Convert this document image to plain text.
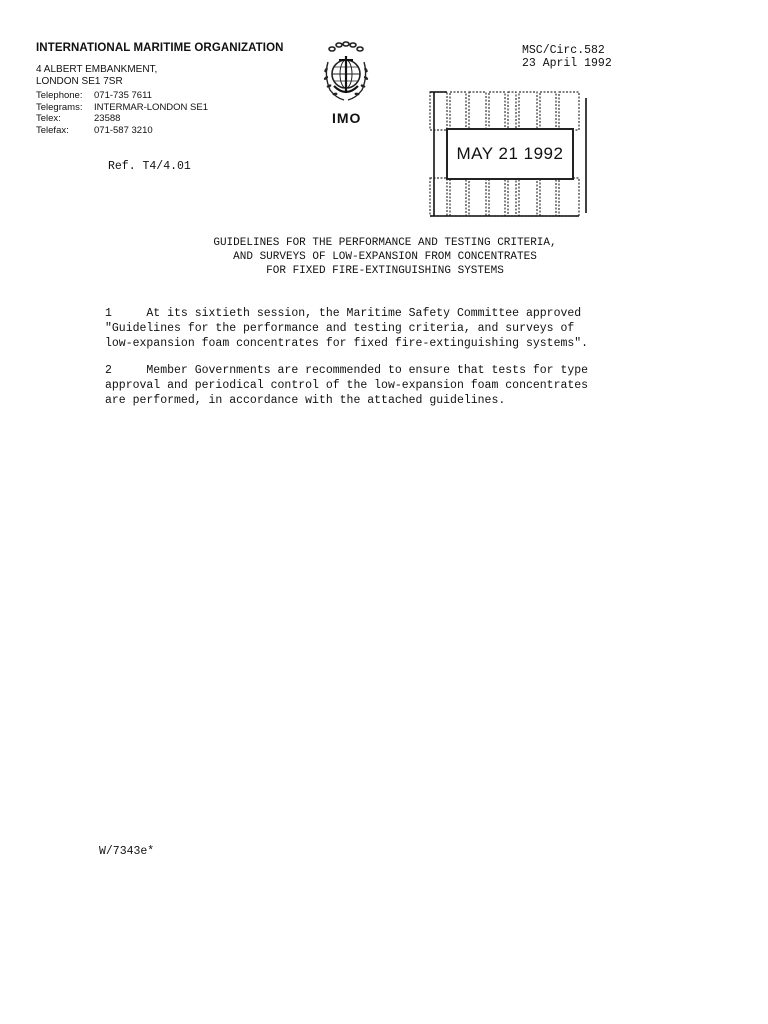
INTERNATIONAL MARITIME ORGANIZATION
4 ALBERT EMBANKMENT,
LONDON SE1 7SR
Telephone:	071-735 7611
Telegrams:	INTERMAR-LONDON SE1
Telex:	23588
Telefax:	071-587 3210
IMO
MSC/Circ.582
23 April 1992
MAY 21 1992
Ref. T4/4.01
GUIDELINES FOR THE PERFORMANCE AND TESTING CRITERIA,
AND SURVEYS OF LOW-EXPANSION FROM CONCENTRATES
FOR FIXED FIRE-EXTINGUISHING SYSTEMS
1     At its sixtieth session, the Maritime Safety Committee approved
"Guidelines for the performance and testing criteria, and surveys of
low-expansion foam concentrates for fixed fire-extinguishing systems".
2     Member Governments are recommended to ensure that tests for type
approval and periodical control of the low-expansion foam concentrates
are performed, in accordance with the attached guidelines.
W/7343e*
